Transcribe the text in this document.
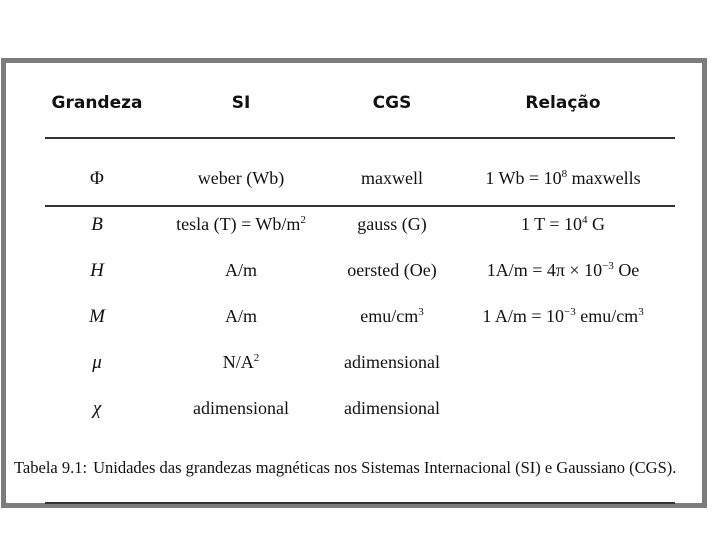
Grandeza	SI	CGS	Relação
Φ	weber (Wb)	maxwell	1 $Wb = 10^8$ maxwells
B	tesla $(T) = Wb/m^2$	gauss (G)	1 $T = 10^4$ G
H	A/m	oersted (Oe)	$1A/m = 4\pi \times 10^{-3}$ Oe
M	A/m	emu/$cm^3$	1 $A/m = 10^{-3}$ emu/$cm^3$
μ	$N/A^2$	adimensional
χ	adimensional	adimensional
Tabela 9.1: Unidades das grandezas magnéticas nos Sistemas Internacional (SI) e Gaussiano (CGS).
